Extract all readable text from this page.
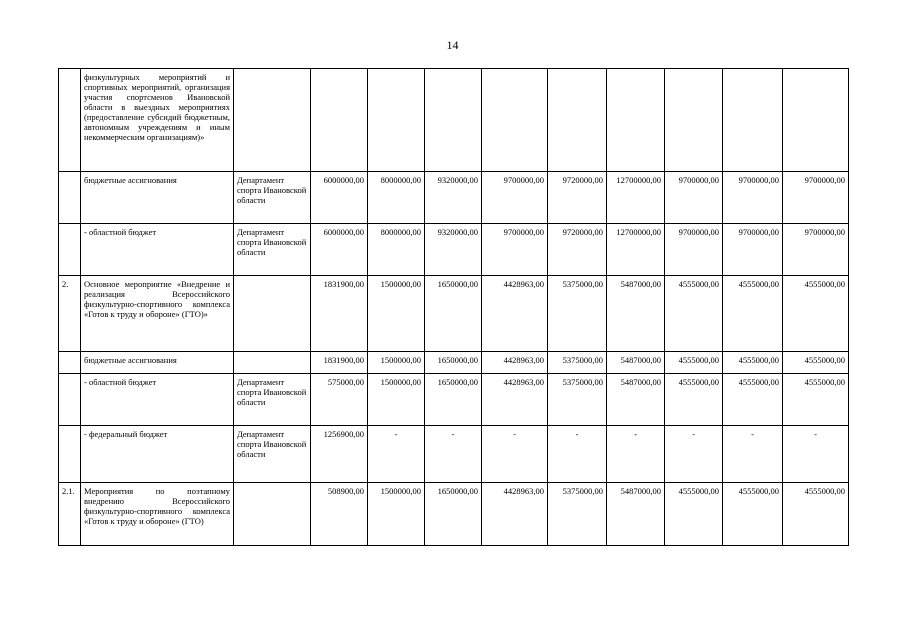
14
	физкультурных мероприятий и спортивных мероприятий, организация участия спортсменов Ивановской области в выездных мероприятиях (предоставление субсидий бюджетным, автономным учреждениям и иным некоммерческим организациям)»										
	бюджетные ассигнования	Департамент спорта Ивановской области	6000000,00	8000000,00	9320000,00	9700000,00	9720000,00	12700000,00	9700000,00	9700000,00	9700000,00
	- областной бюджет	Департамент спорта Ивановской области	6000000,00	8000000,00	9320000,00	9700000,00	9720000,00	12700000,00	9700000,00	9700000,00	9700000,00
2.	Основное мероприятие «Внедрение и реализация Всероссийского физкультурно-спортивного комплекса «Готов к труду и обороне» (ГТО)»		1831900,00	1500000,00	1650000,00	4428963,00	5375000,00	5487000,00	4555000,00	4555000,00	4555000,00
	бюджетные ассигнования		1831900,00	1500000,00	1650000,00	4428963,00	5375000,00	5487000,00	4555000,00	4555000,00	4555000,00
	- областной бюджет	Департамент спорта Ивановской области	575000,00	1500000,00	1650000,00	4428963,00	5375000,00	5487000,00	4555000,00	4555000,00	4555000,00
	- федеральный бюджет	Департамент спорта Ивановской области	1256900,00	-	-	-	-	-	-	-	-
2.1.	Мероприятия по поэтапному внедрению Всероссийского физкультурно-спортивного комплекса «Готов к труду и обороне» (ГТО)		508900,00	1500000,00	1650000,00	4428963,00	5375000,00	5487000,00	4555000,00	4555000,00	4555000,00
